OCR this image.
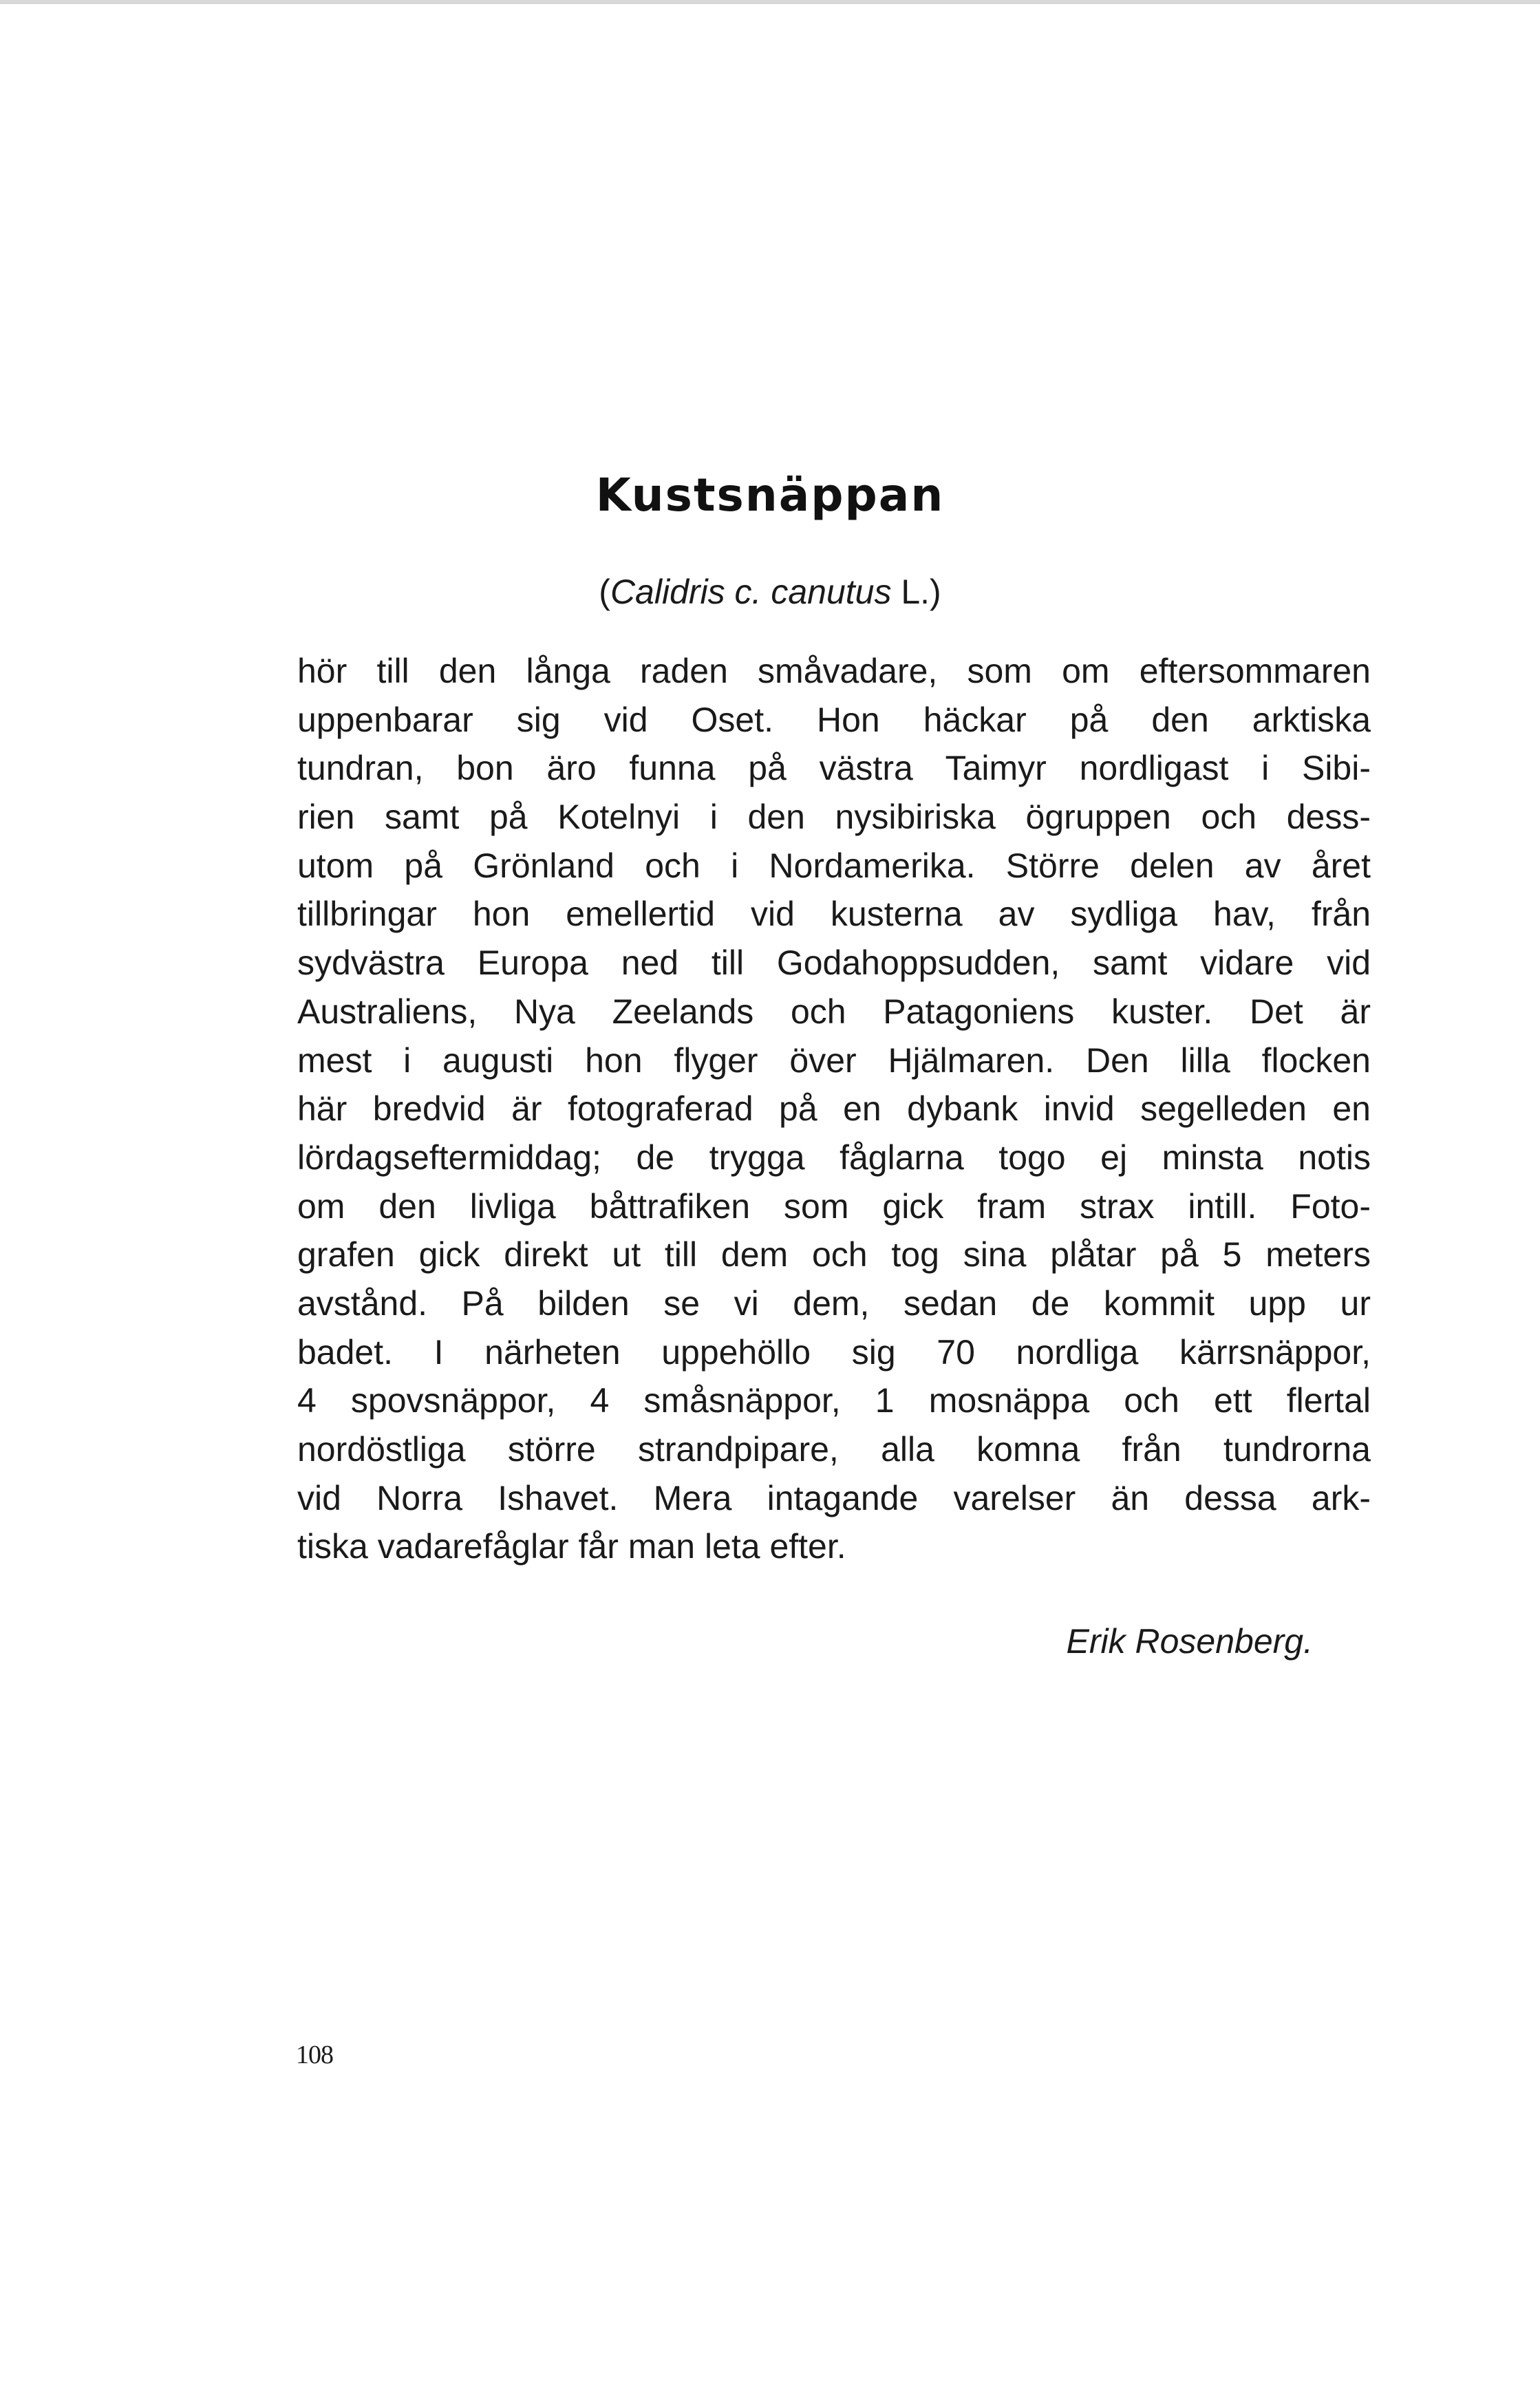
Kustsnäppan
(Calidris c. canutus L.)
hör till den långa raden småvadare, som om eftersommaren
uppenbarar sig vid Oset. Hon häckar på den arktiska
tundran, bon äro funna på västra Taimyr nordligast i Sibi-
rien samt på Kotelnyi i den nysibiriska ögruppen och dess-
utom på Grönland och i Nordamerika. Större delen av året
tillbringar hon emellertid vid kusterna av sydliga hav, från
sydvästra Europa ned till Godahoppsudden, samt vidare vid
Australiens, Nya Zeelands och Patagoniens kuster. Det är
mest i augusti hon flyger över Hjälmaren. Den lilla flocken
här bredvid är fotograferad på en dybank invid segelleden en
lördagseftermiddag; de trygga fåglarna togo ej minsta notis
om den livliga båttrafiken som gick fram strax intill. Foto-
grafen gick direkt ut till dem och tog sina plåtar på 5 meters
avstånd. På bilden se vi dem, sedan de kommit upp ur
badet. I närheten uppehöllo sig 70 nordliga kärrsnäppor,
4 spovsnäppor, 4 småsnäppor, 1 mosnäppa och ett flertal
nordöstliga större strandpipare, alla komna från tundrorna
vid Norra Ishavet. Mera intagande varelser än dessa ark-
tiska vadarefåglar får man leta efter.
Erik Rosenberg.
108
